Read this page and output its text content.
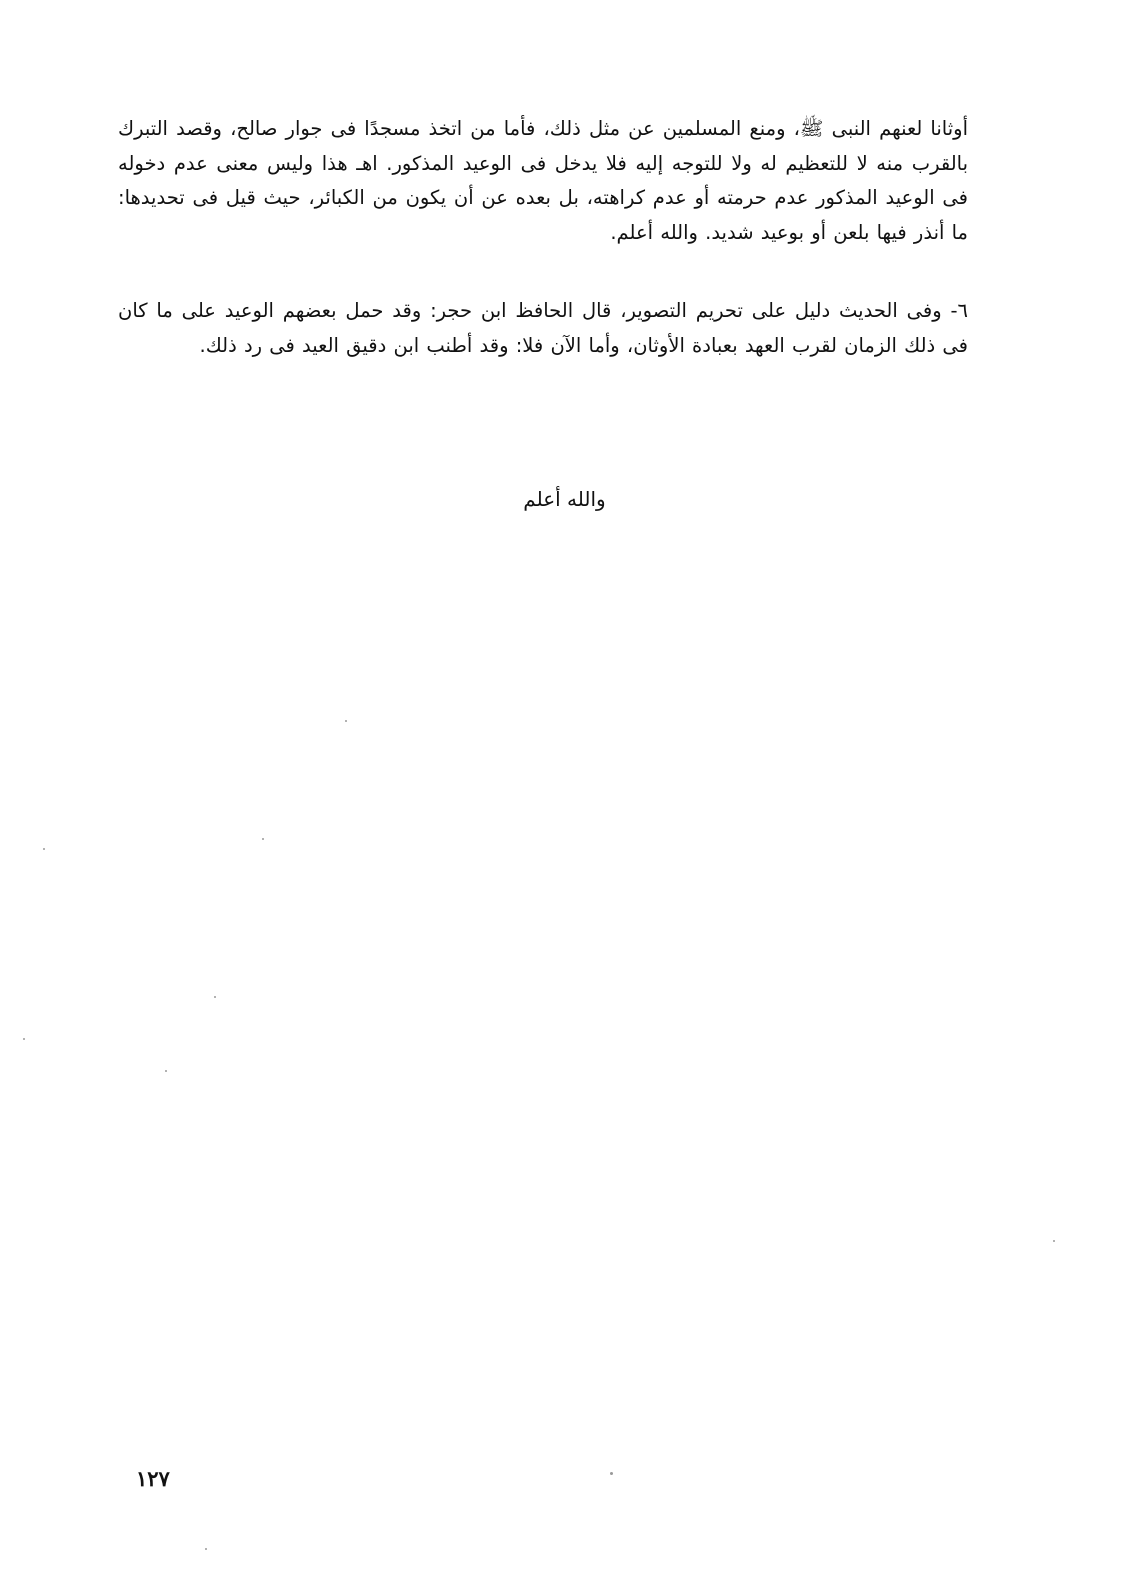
أوثانا لعنهم النبى ﷺ، ومنع المسلمين عن مثل ذلك، فأما من اتخذ مسجدًا فى جوار صالح، وقصد التبرك بالقرب منه لا للتعظيم له ولا للتوجه إليه فلا يدخل فى الوعيد المذكور. اهـ هذا وليس معنى عدم دخوله فى الوعيد المذكور عدم حرمته أو عدم كراهته، بل بعده عن أن يكون من الكبائر، حيث قيل فى تحديدها: ما أنذر فيها بلعن أو بوعيد شديد. والله أعلم.
٦- وفى الحديث دليل على تحريم التصوير، قال الحافظ ابن حجر: وقد حمل بعضهم الوعيد على ما كان فى ذلك الزمان لقرب العهد بعبادة الأوثان، وأما الآن فلا: وقد أطنب ابن دقيق العيد فى رد ذلك.
والله أعلم
١٢٧
